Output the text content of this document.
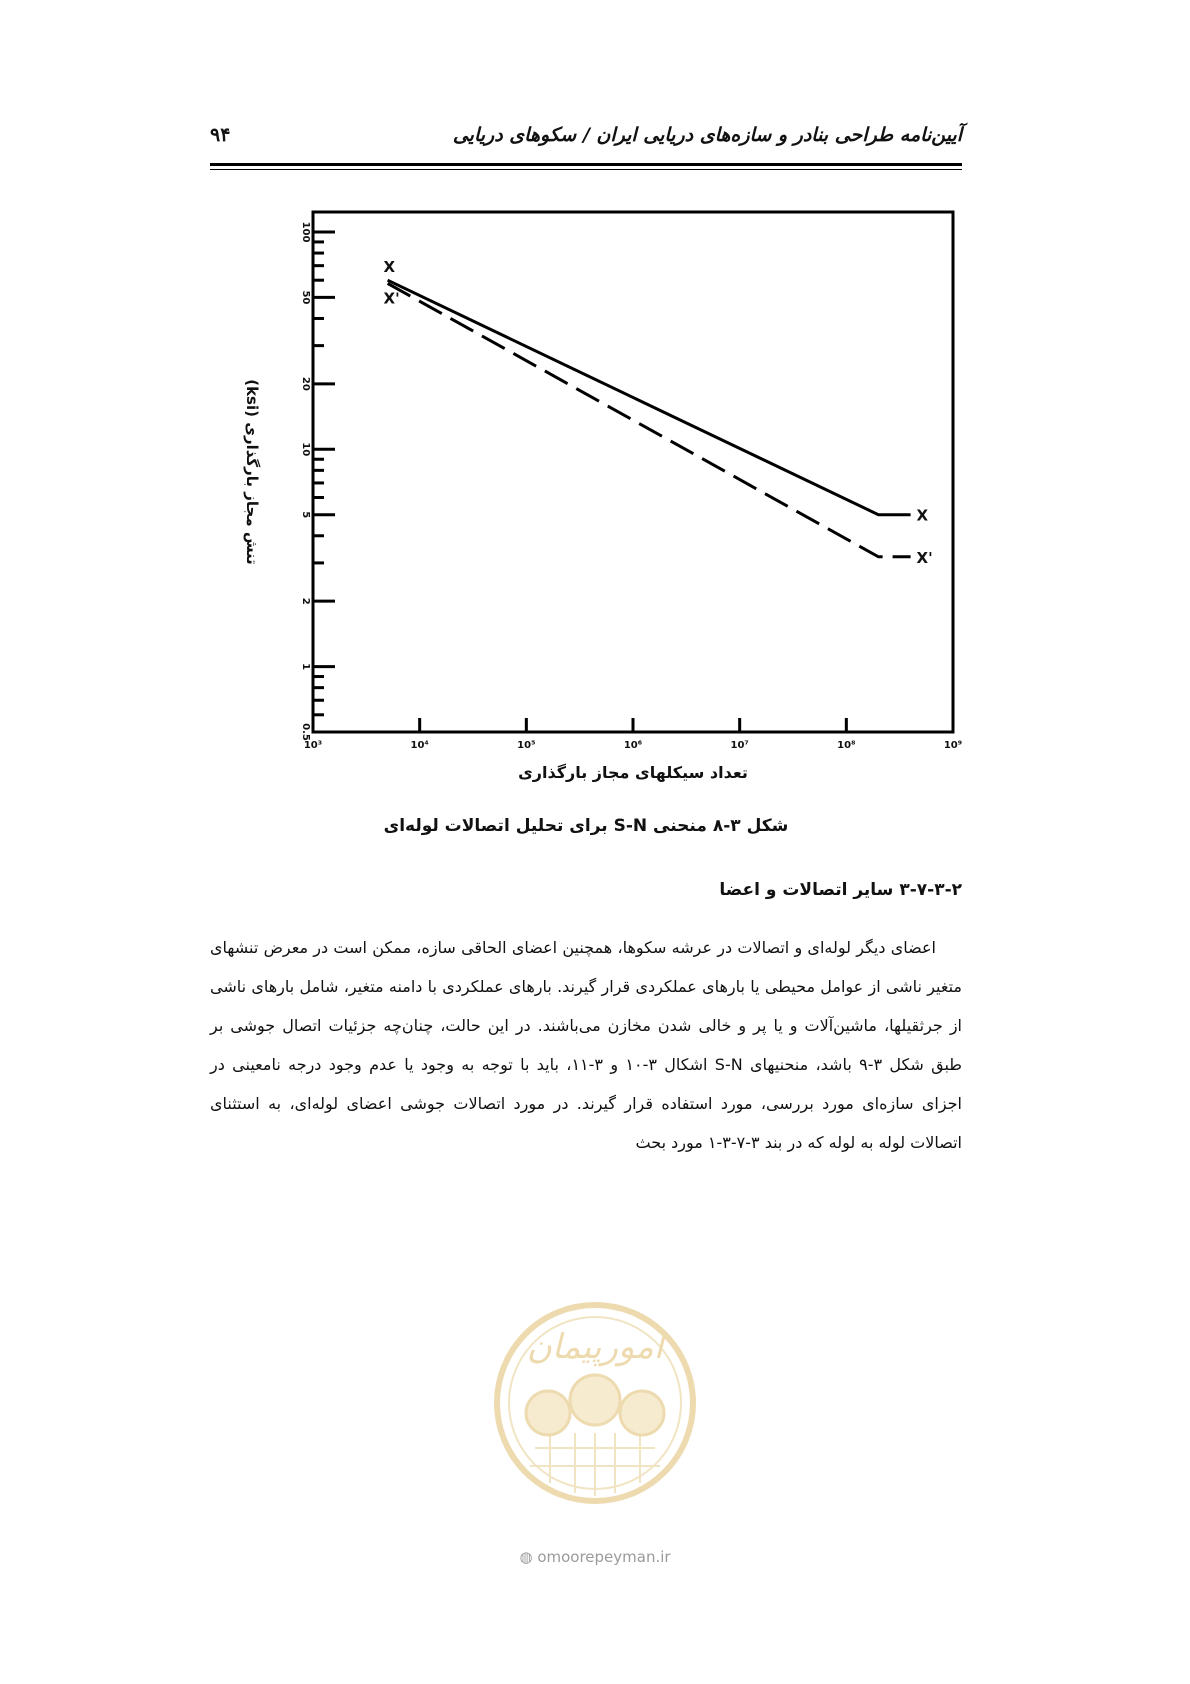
۹۴	آیین‌نامه طراحی بنادر و سازه‌های دریایی ایران / سکوهای دریایی
0.5
1
2
5
10
20
50
100
10³	10⁴	10⁵	10⁶	10⁷	10⁸	10⁹
X
X
X'
X'
تعداد سیکلهای مجاز بارگذاری
تنش مجاز بارگذاری (ksi)
شکل ۳-۸ منحنی S-N برای تحلیل اتصالات لوله‌ای
۳-۷-۳-۲ سایر اتصالات و اعضا

اعضای دیگر لوله‌ای و اتصالات در عرشه سکوها، همچنین اعضای الحاقی سازه، ممکن است در معرض تنشهای متغیر ناشی از عوامل محیطی یا بارهای عملکردی قرار گیرند. بارهای عملکردی با دامنه متغیر، شامل بارهای ناشی از جرثقیلها، ماشین‌آلات و یا پر و خالی شدن مخازن می‌باشند. در این حالت، چنان‌چه جزئیات اتصال جوشی بر طبق شکل ۳-۹ باشد، منحنیهای S-N اشکال ۳-۱۰ و ۳-۱۱، باید با توجه به وجود یا عدم وجود درجه نامعینی در اجزای سازه‌ای مورد بررسی، مورد استفاده قرار گیرند. در مورد اتصالات جوشی اعضای لوله‌ای، به استثنای اتصالات لوله به لوله که در بند ۳-۷-۳-۱ مورد بحث

امورپیمان
◍ omoorepeyman.ir
